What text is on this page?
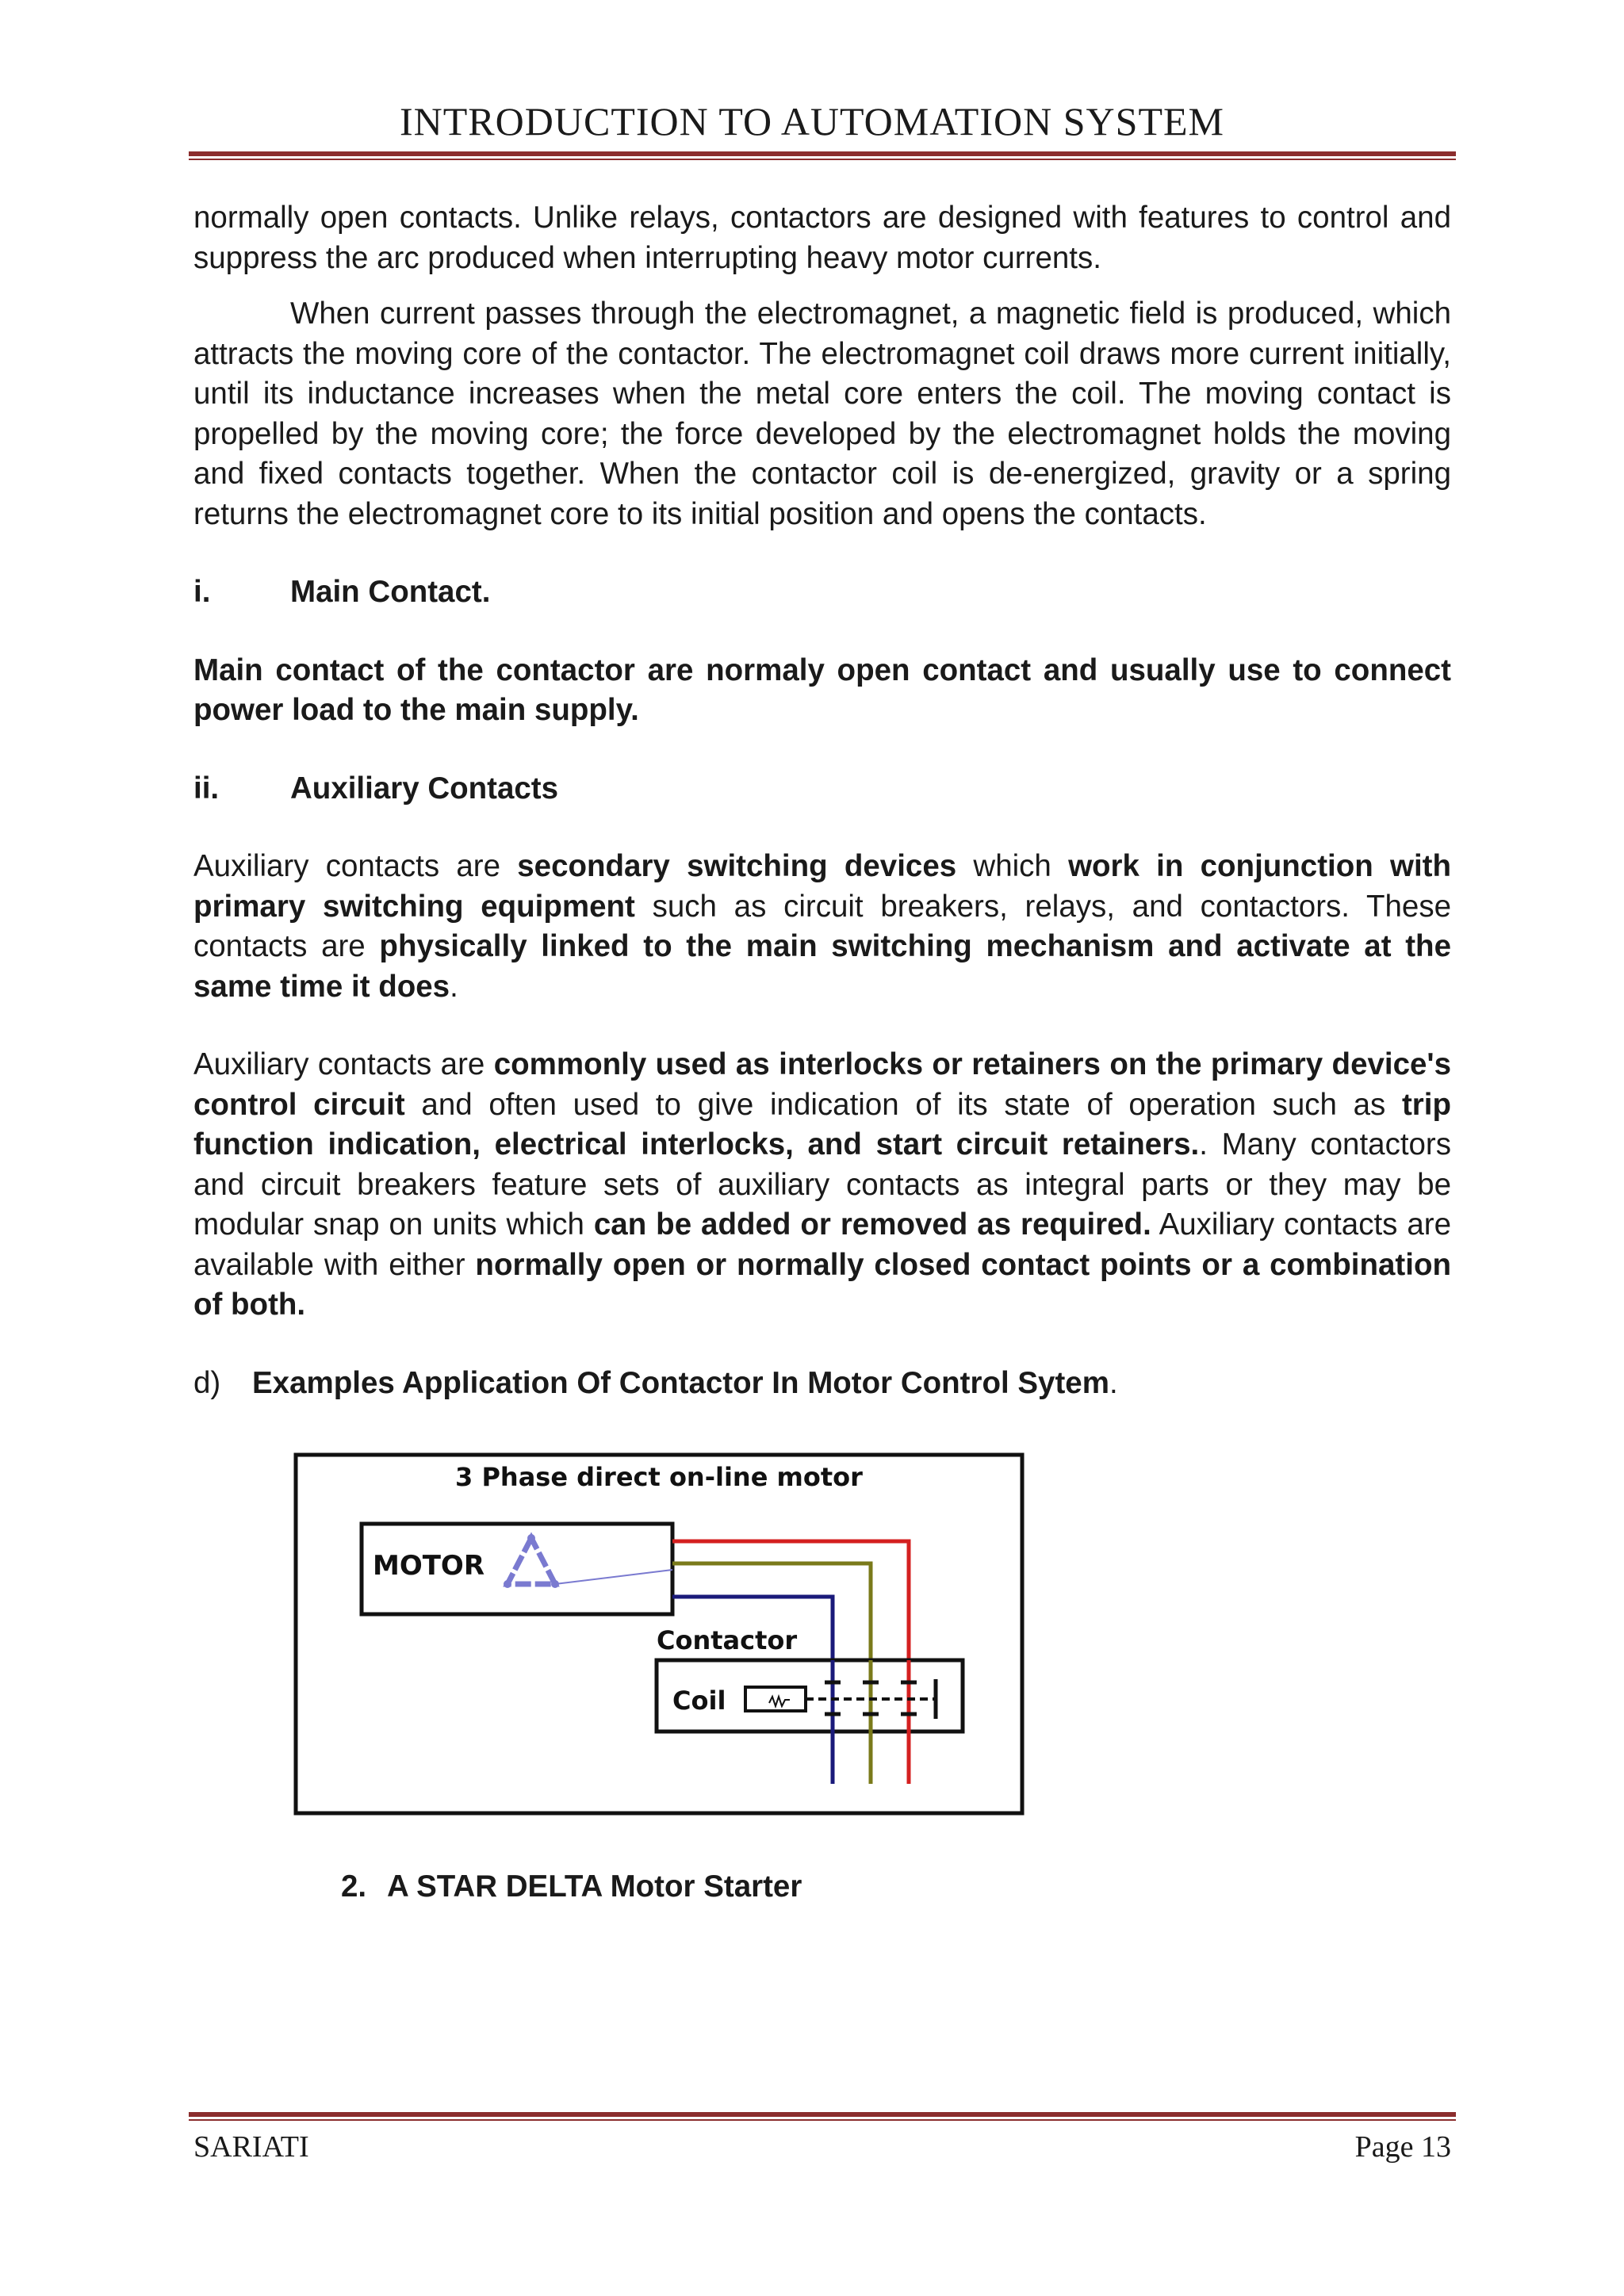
INTRODUCTION TO AUTOMATION SYSTEM

normally open contacts. Unlike relays, contactors are designed with features to control and suppress the arc produced when interrupting heavy motor currents.

When current passes through the electromagnet, a magnetic field is produced, which attracts the moving core of the contactor. The electromagnet coil draws more current initially, until its inductance increases when the metal core enters the coil. The moving contact is propelled by the moving core; the force developed by the electromagnet holds the moving and fixed contacts together. When the contactor coil is de-energized, gravity or a spring returns the electromagnet core to its initial position and opens the contacts.

i.	Main Contact.

Main contact of the contactor are normaly open contact and usually use to connect power load to the main supply.

ii.	Auxiliary Contacts

Auxiliary contacts are secondary switching devices which work in conjunction with primary switching equipment such as circuit breakers, relays, and contactors. These contacts are physically linked to the main switching mechanism and activate at the same time it does.

Auxiliary contacts are commonly used as interlocks or retainers on the primary device's control circuit and often used to give indication of its state of operation such as trip function indication, electrical interlocks, and start circuit retainers.. Many contactors and circuit breakers feature sets of auxiliary contacts as integral parts or they may be modular snap on units which can be added or removed as required. Auxiliary contacts are available with either normally open or normally closed contact points or a combination of both.

d)	Examples Application Of Contactor In Motor Control Sytem.
3 Phase direct on-line motor
MOTOR
Contactor
Coil
2. A STAR DELTA Motor Starter
SARIATI	Page 13
